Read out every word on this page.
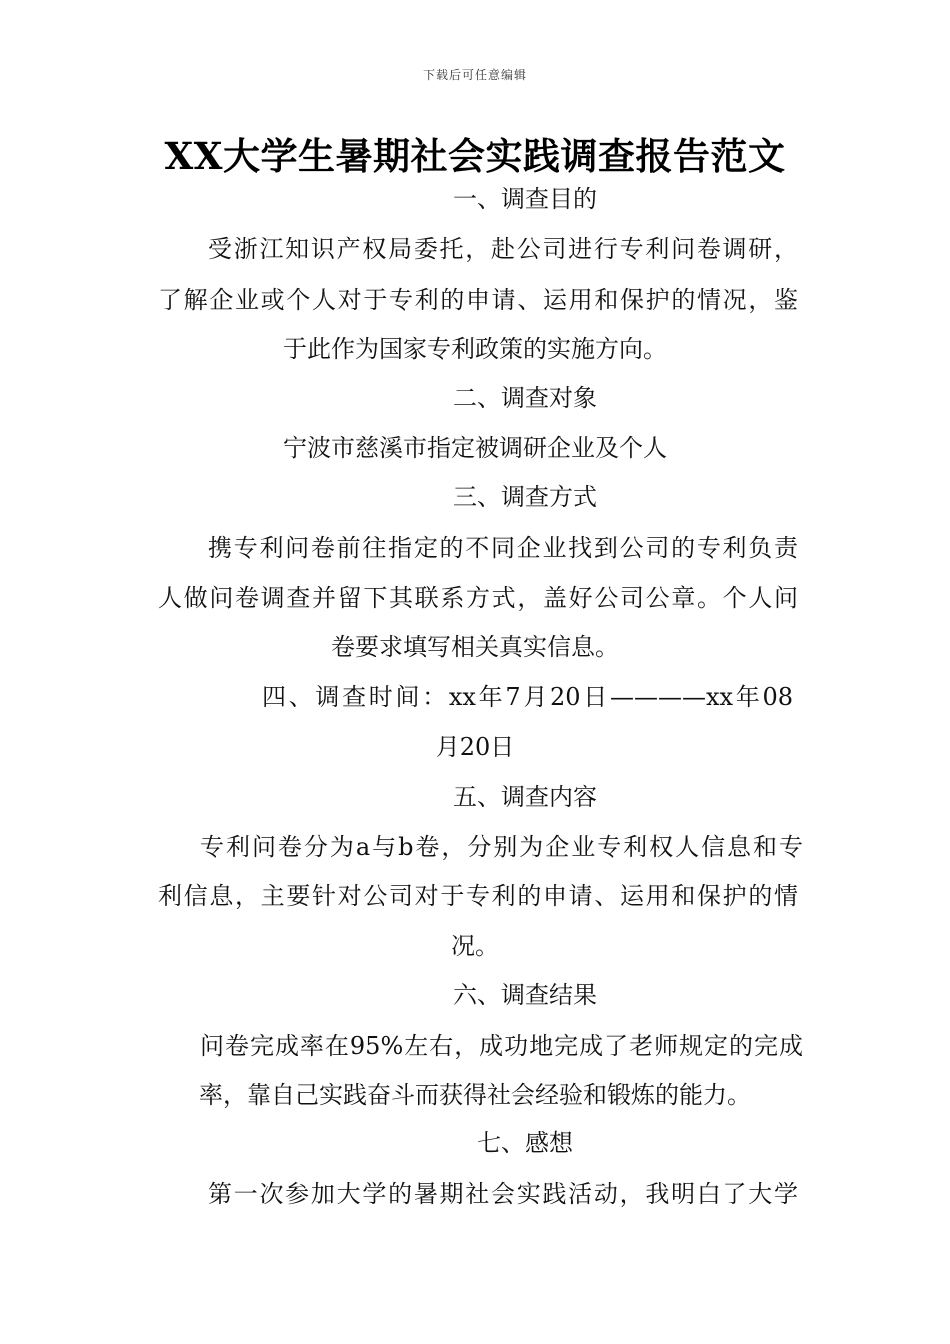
下载后可任意编辑
XX大学生暑期社会实践调查报告范文
一、调查目的
受浙江知识产权局委托，赴公司进行专利问卷调研，
了解企业或个人对于专利的申请、运用和保护的情况，鉴
于此作为国家专利政策的实施方向。
二、调查对象
宁波市慈溪市指定被调研企业及个人
三、调查方式
携专利问卷前往指定的不同企业找到公司的专利负责
人做问卷调查并留下其联系方式，盖好公司公章。个人问
卷要求填写相关真实信息。
四、调查时间：xx年7月20日————xx年08
月20日
五、调查内容
专利问卷分为a与b卷，分别为企业专利权人信息和专
利信息，主要针对公司对于专利的申请、运用和保护的情
况。
六、调查结果
问卷完成率在95%左右，成功地完成了老师规定的完成
率，靠自己实践奋斗而获得社会经验和锻炼的能力。
七、感想
第一次参加大学的暑期社会实践活动，我明白了大学
